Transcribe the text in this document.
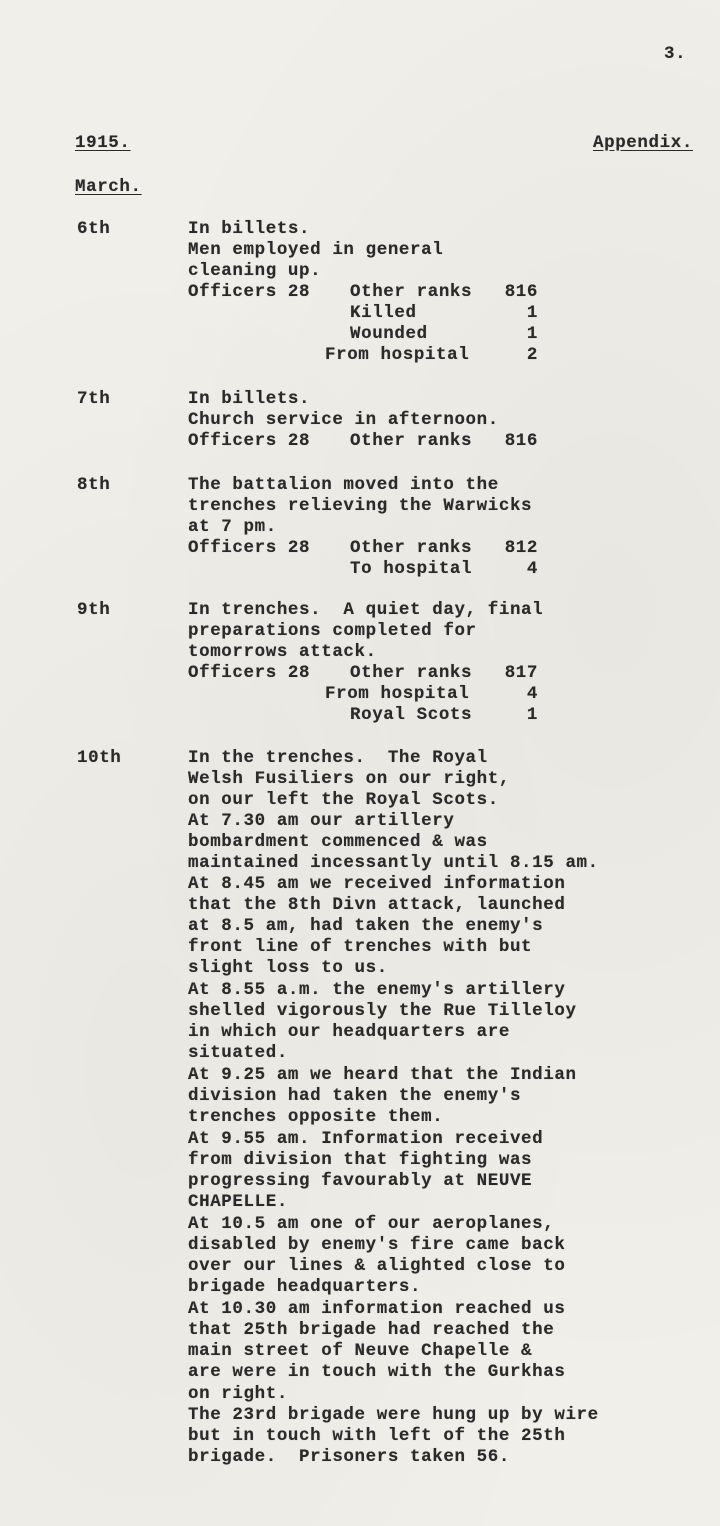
3.
1915.	Appendix.
March.
6th	In billets.
Men employed in general
cleaning up.
Officers 28 Other ranks	816
Killed	1
Wounded	1
From hospital	2
7th	In billets.
Church service in afternoon.
Officers 28 Other ranks	816
8th	The battalion moved into the
trenches relieving the Warwicks
at 7 pm.
Officers 28 Other ranks	812
To hospital	4
9th	In trenches.  A quiet day, final
preparations completed for
tomorrows attack.
Officers 28 Other ranks	817
From hospital	4
Royal Scots	1
10th	In the trenches.  The Royal
Welsh Fusiliers on our right,
on our left the Royal Scots.
At 7.30 am our artillery
bombardment commenced & was
maintained incessantly until 8.15 am.
At 8.45 am we received information
that the 8th Divn attack, launched
at 8.5 am, had taken the enemy's
front line of trenches with but
slight loss to us.
At 8.55 a.m. the enemy's artillery
shelled vigorously the Rue Tilleloy
in which our headquarters are
situated.
At 9.25 am we heard that the Indian
division had taken the enemy's
trenches opposite them.
At 9.55 am. Information received
from division that fighting was
progressing favourably at NEUVE
CHAPELLE.
At 10.5 am one of our aeroplanes,
disabled by enemy's fire came back
over our lines & alighted close to
brigade headquarters.
At 10.30 am information reached us
that 25th brigade had reached the
main street of Neuve Chapelle &
are were in touch with the Gurkhas
on right.
The 23rd brigade were hung up by wire
but in touch with left of the 25th
brigade.  Prisoners taken 56.
